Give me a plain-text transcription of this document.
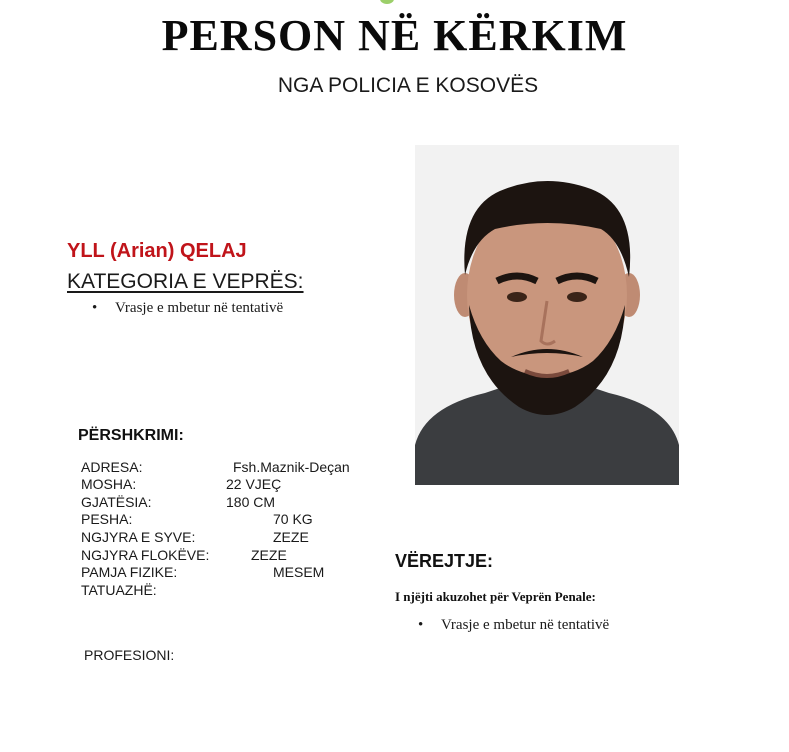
PERSON NË KËRKIM
NGA POLICIA E KOSOVËS
YLL (Arian) QELAJ
KATEGORIA E VEPRËS:
• Vrasje e mbetur në tentativë
PËRSHKRIMI:
ADRESA:	Fsh.Maznik-Deçan
MOSHA:	22 VJEÇ
GJATËSIA:	180 CM
PESHA:	70 KG
NGJYRA E SYVE:	ZEZE
NGJYRA FLOKËVE:	ZEZE
PAMJA FIZIKE:	MESEM
TATUAZHË:
VËREJTJE:
I njëjti akuzohet për Veprën Penale:
• Vrasje e mbetur në tentativë
PROFESIONI:
